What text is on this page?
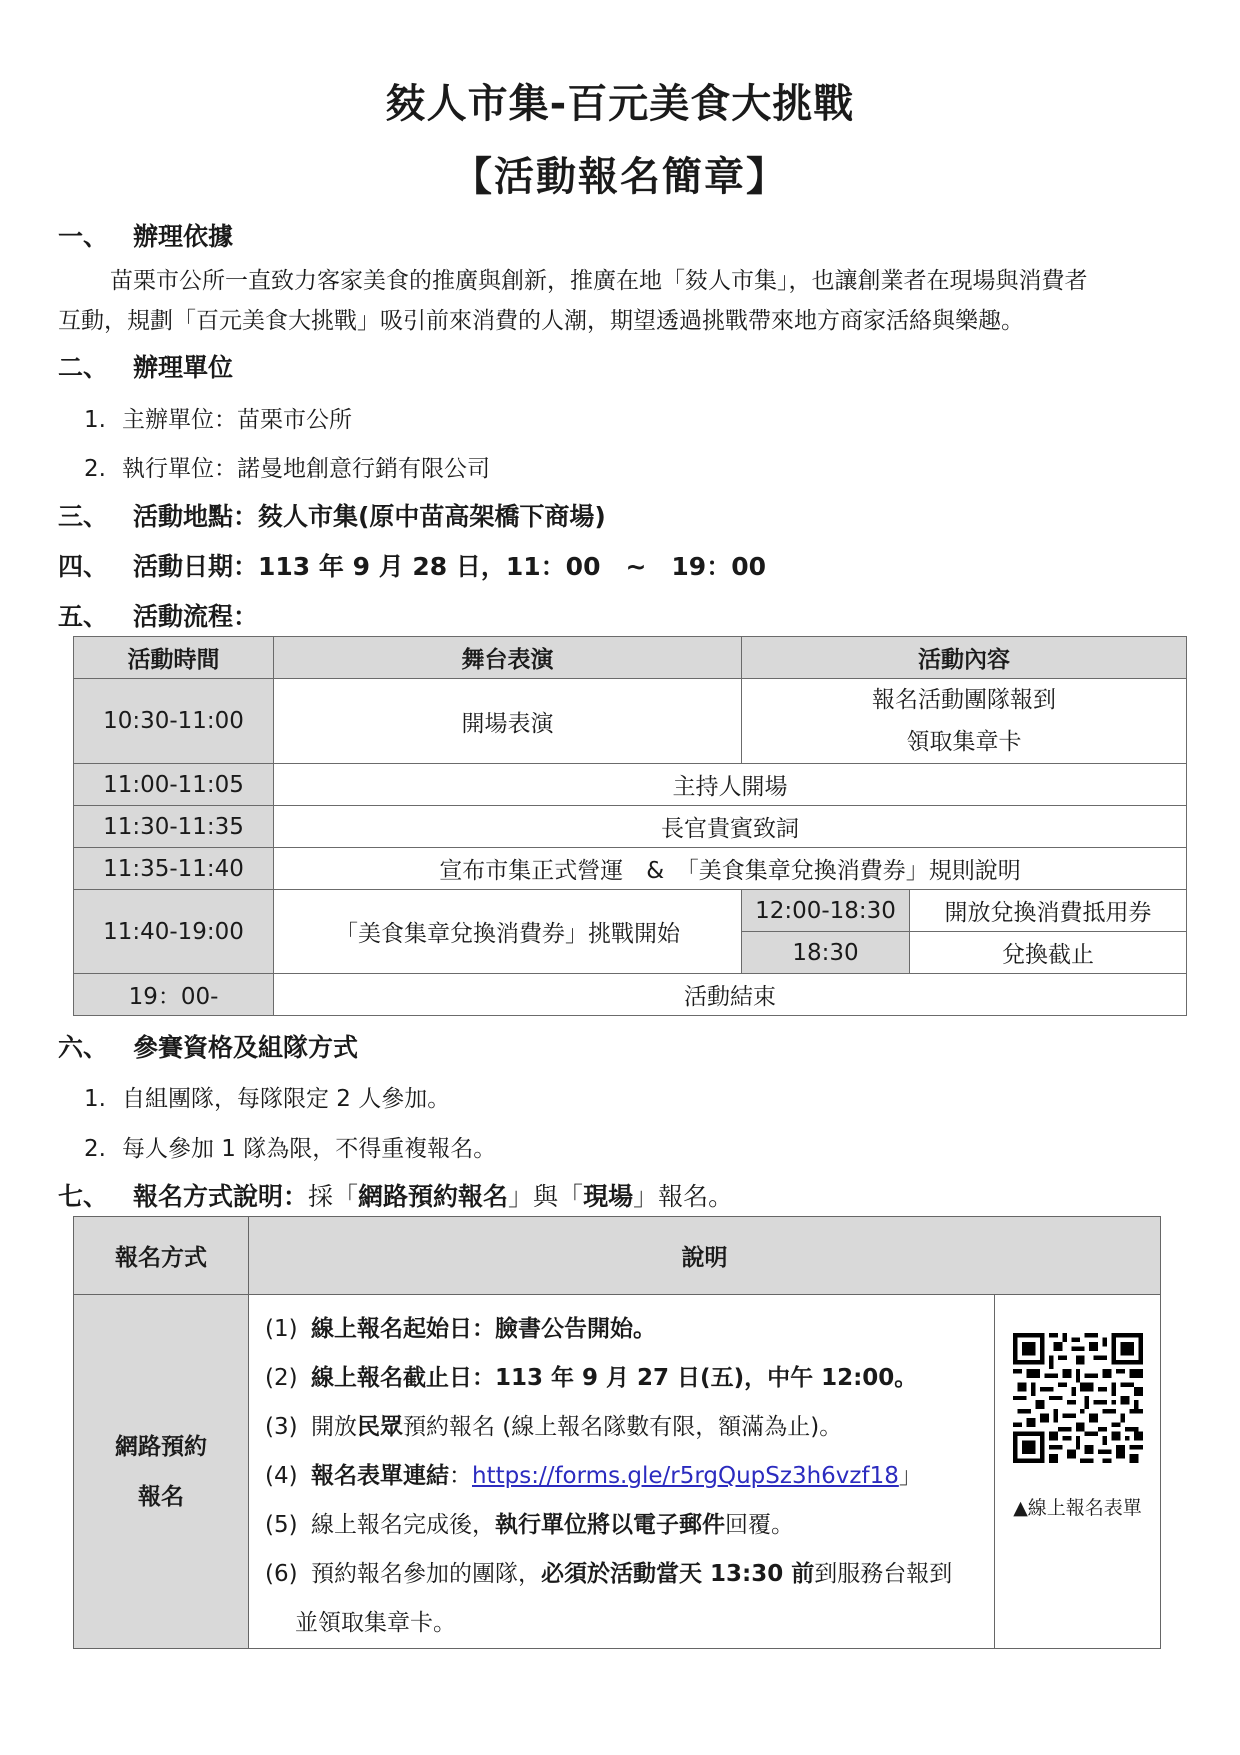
㩼人市集-百元美食大挑戰
【活動報名簡章】
一、 辦理依據
苗栗市公所一直致力客家美食的推廣與創新，推廣在地「㩼人市集」，也讓創業者在現場與消費者
互動，規劃「百元美食大挑戰」吸引前來消費的人潮，期望透過挑戰帶來地方商家活絡與樂趣。
二、 辦理單位
1. 主辦單位：苗栗市公所
2. 執行單位：諾曼地創意行銷有限公司
三、 活動地點：㩼人市集(原中苗高架橋下商場)
四、 活動日期：113 年 9 月 28 日，11：00　~　19：00
五、 活動流程：
活動時間	舞台表演	活動內容	
10:30-11:00	開場表演	報名活動團隊報到
領取集章卡	

11:00-11:05	主持人開場		
11:30-11:35	長官貴賓致詞		
11:35-11:40	宣布市集正式營運　&　「美食集章兌換消費券」規則說明		
11:40-19:00	「美食集章兌換消費券」挑戰開始	12:00-18:30	開放兌換消費抵用券
		18:30	兌換截止
19：00-	活動結束		
六、 參賽資格及組隊方式
1. 自組團隊，每隊限定 2 人參加。
2. 每人參加 1 隊為限，不得重複報名。
七、 報名方式說明：採「網路預約報名」與「現場」報名。
報名方式	說明	

網路預約
報名

(1) 線上報名起始日：臉書公告開始。
(2) 線上報名截止日：113 年 9 月 27 日(五)，中午 12:00。
(3) 開放民眾預約報名 (線上報名隊數有限，額滿為止)。
(4) 報名表單連結：https://forms.gle/r5rgQupSz3h6vzf18」
(5) 線上報名完成後，執行單位將以電子郵件回覆。
(6) 預約報名參加的團隊，必須於活動當天 13:30 前到服務台報到
並領取集章卡。

▲線上報名表單
